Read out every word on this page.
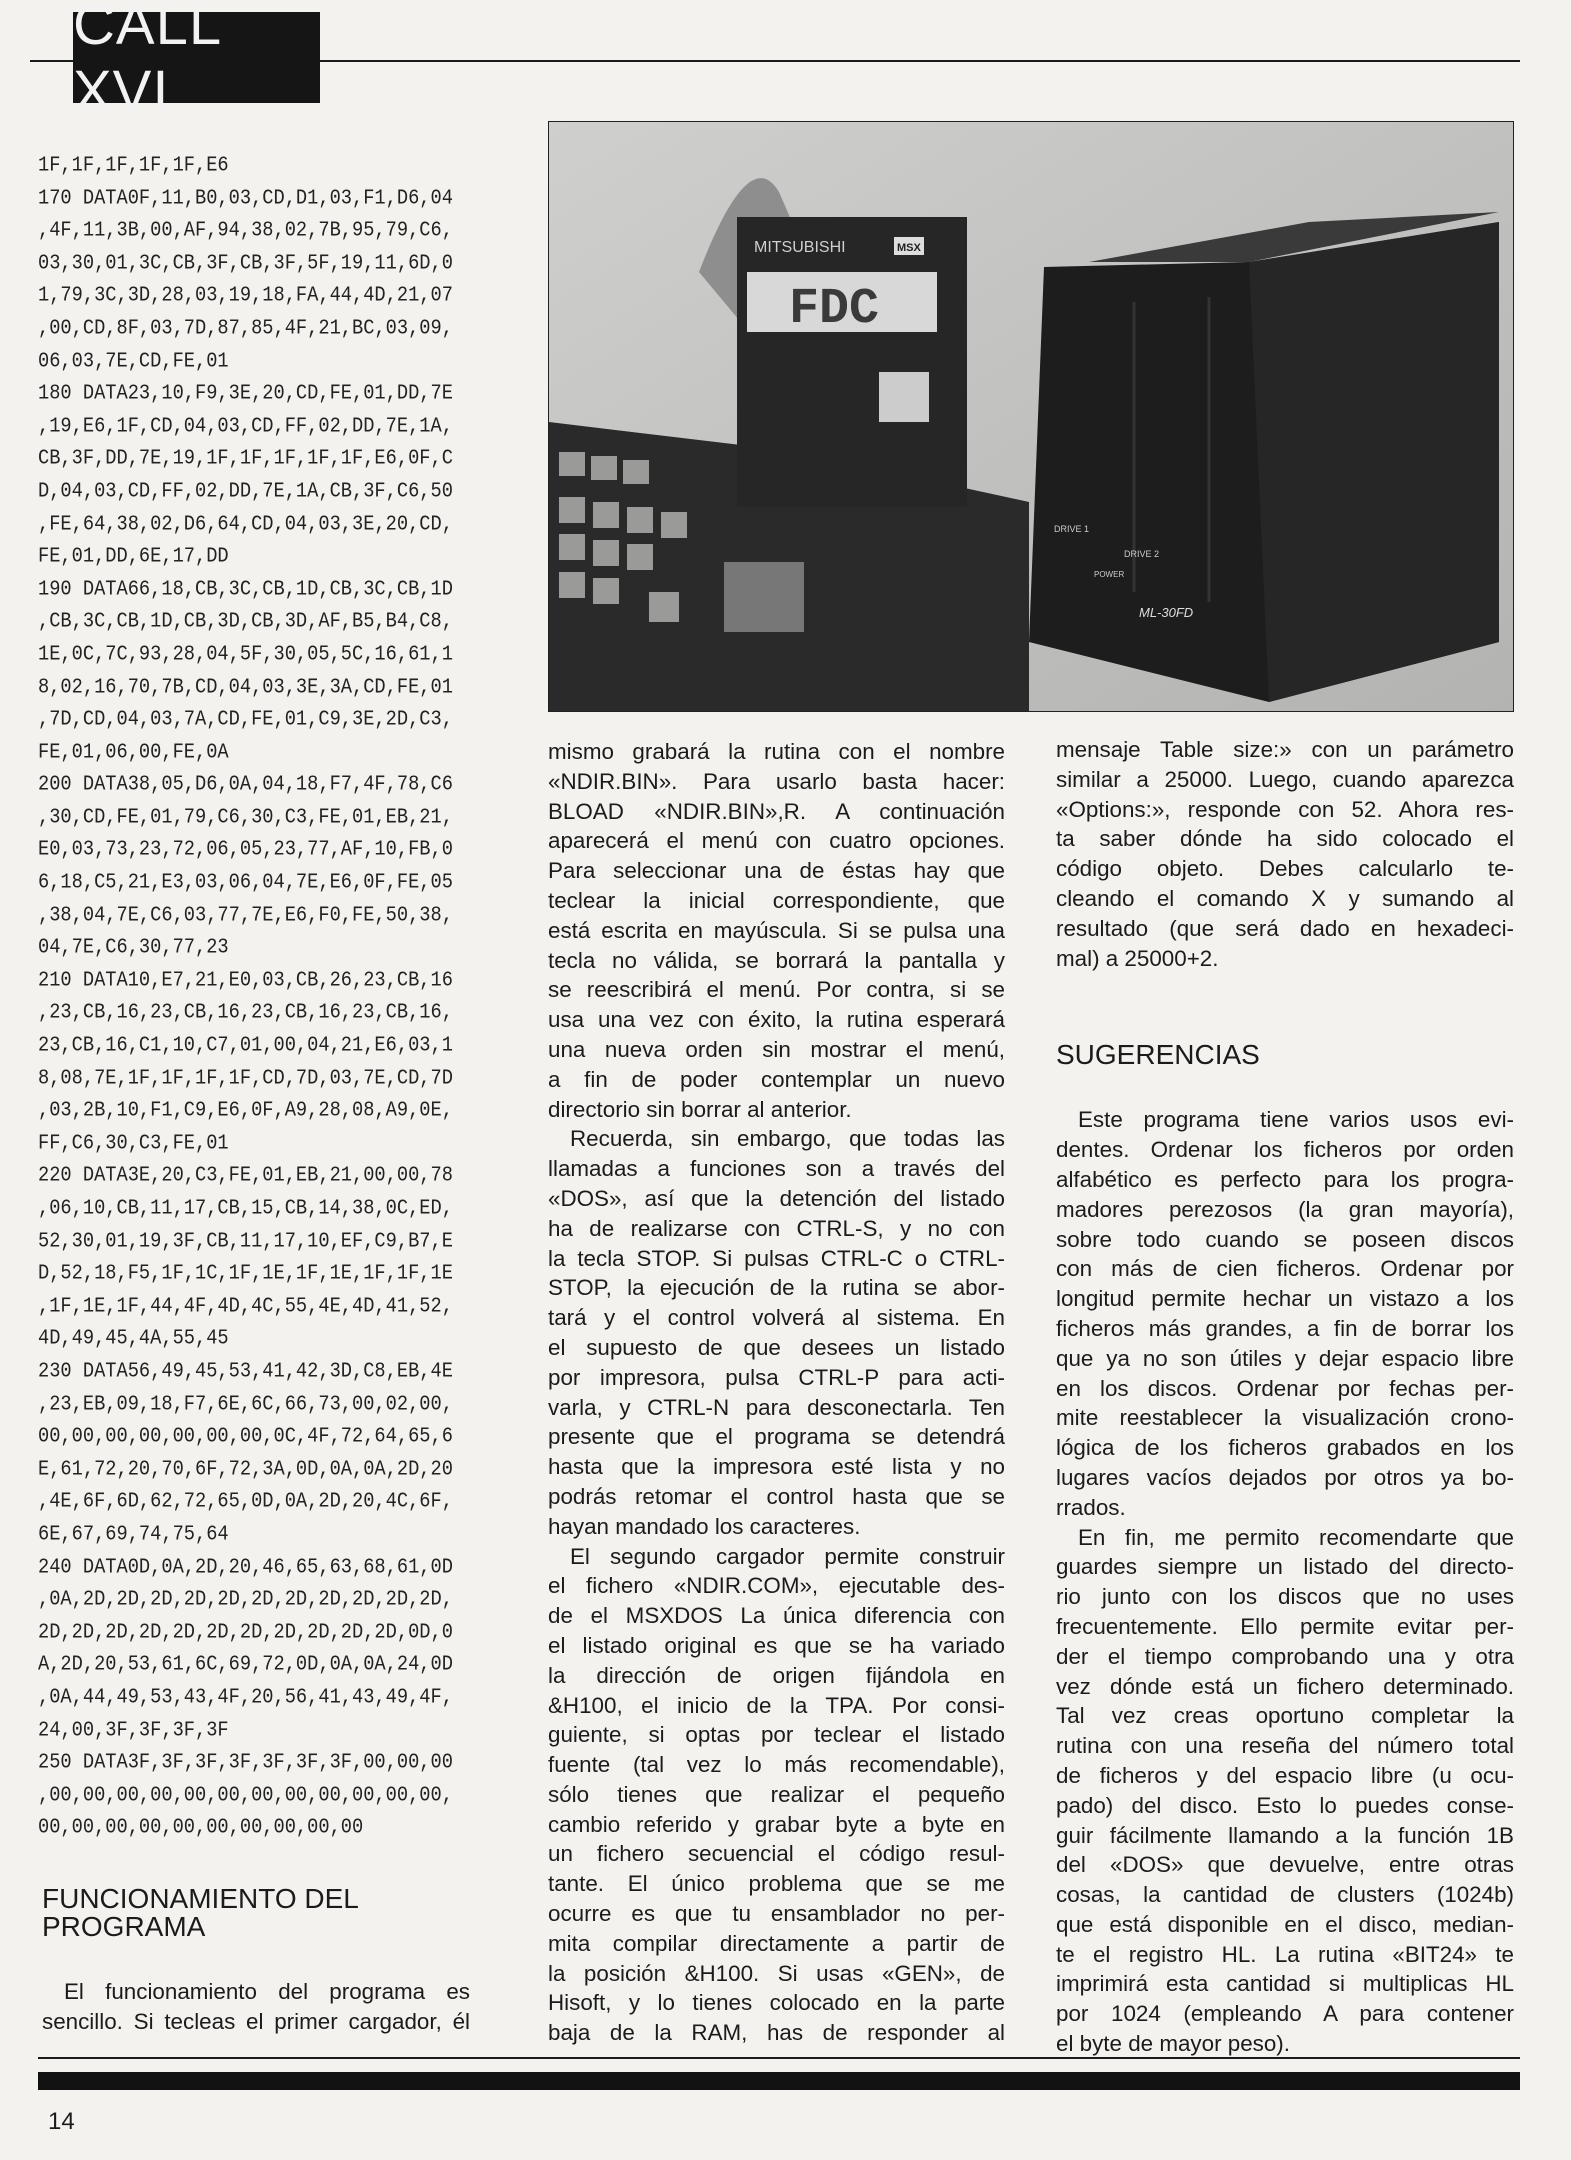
CALL XVI
1F,1F,1F,1F,1F,E6
170 DATA0F,11,B0,03,CD,D1,03,F1,D6,04
,4F,11,3B,00,AF,94,38,02,7B,95,79,C6,
03,30,01,3C,CB,3F,CB,3F,5F,19,11,6D,0
1,79,3C,3D,28,03,19,18,FA,44,4D,21,07
,00,CD,8F,03,7D,87,85,4F,21,BC,03,09,
06,03,7E,CD,FE,01
180 DATA23,10,F9,3E,20,CD,FE,01,DD,7E
,19,E6,1F,CD,04,03,CD,FF,02,DD,7E,1A,
CB,3F,DD,7E,19,1F,1F,1F,1F,1F,E6,0F,C
D,04,03,CD,FF,02,DD,7E,1A,CB,3F,C6,50
,FE,64,38,02,D6,64,CD,04,03,3E,20,CD,
FE,01,DD,6E,17,DD
190 DATA66,18,CB,3C,CB,1D,CB,3C,CB,1D
,CB,3C,CB,1D,CB,3D,CB,3D,AF,B5,B4,C8,
1E,0C,7C,93,28,04,5F,30,05,5C,16,61,1
8,02,16,70,7B,CD,04,03,3E,3A,CD,FE,01
,7D,CD,04,03,7A,CD,FE,01,C9,3E,2D,C3,
FE,01,06,00,FE,0A
200 DATA38,05,D6,0A,04,18,F7,4F,78,C6
,30,CD,FE,01,79,C6,30,C3,FE,01,EB,21,
E0,03,73,23,72,06,05,23,77,AF,10,FB,0
6,18,C5,21,E3,03,06,04,7E,E6,0F,FE,05
,38,04,7E,C6,03,77,7E,E6,F0,FE,50,38,
04,7E,C6,30,77,23
210 DATA10,E7,21,E0,03,CB,26,23,CB,16
,23,CB,16,23,CB,16,23,CB,16,23,CB,16,
23,CB,16,C1,10,C7,01,00,04,21,E6,03,1
8,08,7E,1F,1F,1F,1F,CD,7D,03,7E,CD,7D
,03,2B,10,F1,C9,E6,0F,A9,28,08,A9,0E,
FF,C6,30,C3,FE,01
220 DATA3E,20,C3,FE,01,EB,21,00,00,78
,06,10,CB,11,17,CB,15,CB,14,38,0C,ED,
52,30,01,19,3F,CB,11,17,10,EF,C9,B7,E
D,52,18,F5,1F,1C,1F,1E,1F,1E,1F,1F,1E
,1F,1E,1F,44,4F,4D,4C,55,4E,4D,41,52,
4D,49,45,4A,55,45
230 DATA56,49,45,53,41,42,3D,C8,EB,4E
,23,EB,09,18,F7,6E,6C,66,73,00,02,00,
00,00,00,00,00,00,00,0C,4F,72,64,65,6
E,61,72,20,70,6F,72,3A,0D,0A,0A,2D,20
,4E,6F,6D,62,72,65,0D,0A,2D,20,4C,6F,
6E,67,69,74,75,64
240 DATA0D,0A,2D,20,46,65,63,68,61,0D
,0A,2D,2D,2D,2D,2D,2D,2D,2D,2D,2D,2D,
2D,2D,2D,2D,2D,2D,2D,2D,2D,2D,2D,0D,0
A,2D,20,53,61,6C,69,72,0D,0A,0A,24,0D
,0A,44,49,53,43,4F,20,56,41,43,49,4F,
24,00,3F,3F,3F,3F
250 DATA3F,3F,3F,3F,3F,3F,3F,00,00,00
,00,00,00,00,00,00,00,00,00,00,00,00,
00,00,00,00,00,00,00,00,00,00
MITSUBISHI	MSX
FDC
DRIVE 1
DRIVE 2
POWER
ML-30FD
mismo grabará la rutina con el nombre
«NDIR.BIN». Para usarlo basta hacer:
BLOAD «NDIR.BIN»,R. A continuación
aparecerá el menú con cuatro opciones.
Para seleccionar una de éstas hay que
teclear la inicial correspondiente, que
está escrita en mayúscula. Si se pulsa una
tecla no válida, se borrará la pantalla y
se reescribirá el menú. Por contra, si se
usa una vez con éxito, la rutina esperará
una nueva orden sin mostrar el menú,
a fin de poder contemplar un nuevo
directorio sin borrar al anterior.
Recuerda, sin embargo, que todas las
llamadas a funciones son a través del
«DOS», así que la detención del listado
ha de realizarse con CTRL-S, y no con
la tecla STOP. Si pulsas CTRL-C o CTRL-
STOP, la ejecución de la rutina se abor-
tará y el control volverá al sistema. En
el supuesto de que desees un listado
por impresora, pulsa CTRL-P para acti-
varla, y CTRL-N para desconectarla. Ten
presente que el programa se detendrá
hasta que la impresora esté lista y no
podrás retomar el control hasta que se
hayan mandado los caracteres.
El segundo cargador permite construir
el fichero «NDIR.COM», ejecutable des-
de el MSXDOS La única diferencia con
el listado original es que se ha variado
la dirección de origen fijándola en
&H100, el inicio de la TPA. Por consi-
guiente, si optas por teclear el listado
fuente (tal vez lo más recomendable),
sólo tienes que realizar el pequeño
cambio referido y grabar byte a byte en
un fichero secuencial el código resul-
tante. El único problema que se me
ocurre es que tu ensamblador no per-
mita compilar directamente a partir de
la posición &H100. Si usas «GEN», de
Hisoft, y lo tienes colocado en la parte
baja de la RAM, has de responder al
mensaje Table size:» con un parámetro
similar a 25000. Luego, cuando aparezca
«Options:», responde con 52. Ahora res-
ta saber dónde ha sido colocado el
código objeto. Debes calcularlo te-
cleando el comando X y sumando al
resultado (que será dado en hexadeci-
mal) a 25000+2.
SUGERENCIAS
Este programa tiene varios usos evi-
dentes. Ordenar los ficheros por orden
alfabético es perfecto para los progra-
madores perezosos (la gran mayoría),
sobre todo cuando se poseen discos
con más de cien ficheros. Ordenar por
longitud permite hechar un vistazo a los
ficheros más grandes, a fin de borrar los
que ya no son útiles y dejar espacio libre
en los discos. Ordenar por fechas per-
mite reestablecer la visualización crono-
lógica de los ficheros grabados en los
lugares vacíos dejados por otros ya bo-
rrados.
En fin, me permito recomendarte que
guardes siempre un listado del directo-
rio junto con los discos que no uses
frecuentemente. Ello permite evitar per-
der el tiempo comprobando una y otra
vez dónde está un fichero determinado.
Tal vez creas oportuno completar la
rutina con una reseña del número total
de ficheros y del espacio libre (u ocu-
pado) del disco. Esto lo puedes conse-
guir fácilmente llamando a la función 1B
del «DOS» que devuelve, entre otras
cosas, la cantidad de clusters (1024b)
que está disponible en el disco, median-
te el registro HL. La rutina «BIT24» te
imprimirá esta cantidad si multiplicas HL
por 1024 (empleando A para contener
el byte de mayor peso).
FUNCIONAMIENTO DEL
PROGRAMA
El funcionamiento del programa es
sencillo. Si tecleas el primer cargador, él
14
